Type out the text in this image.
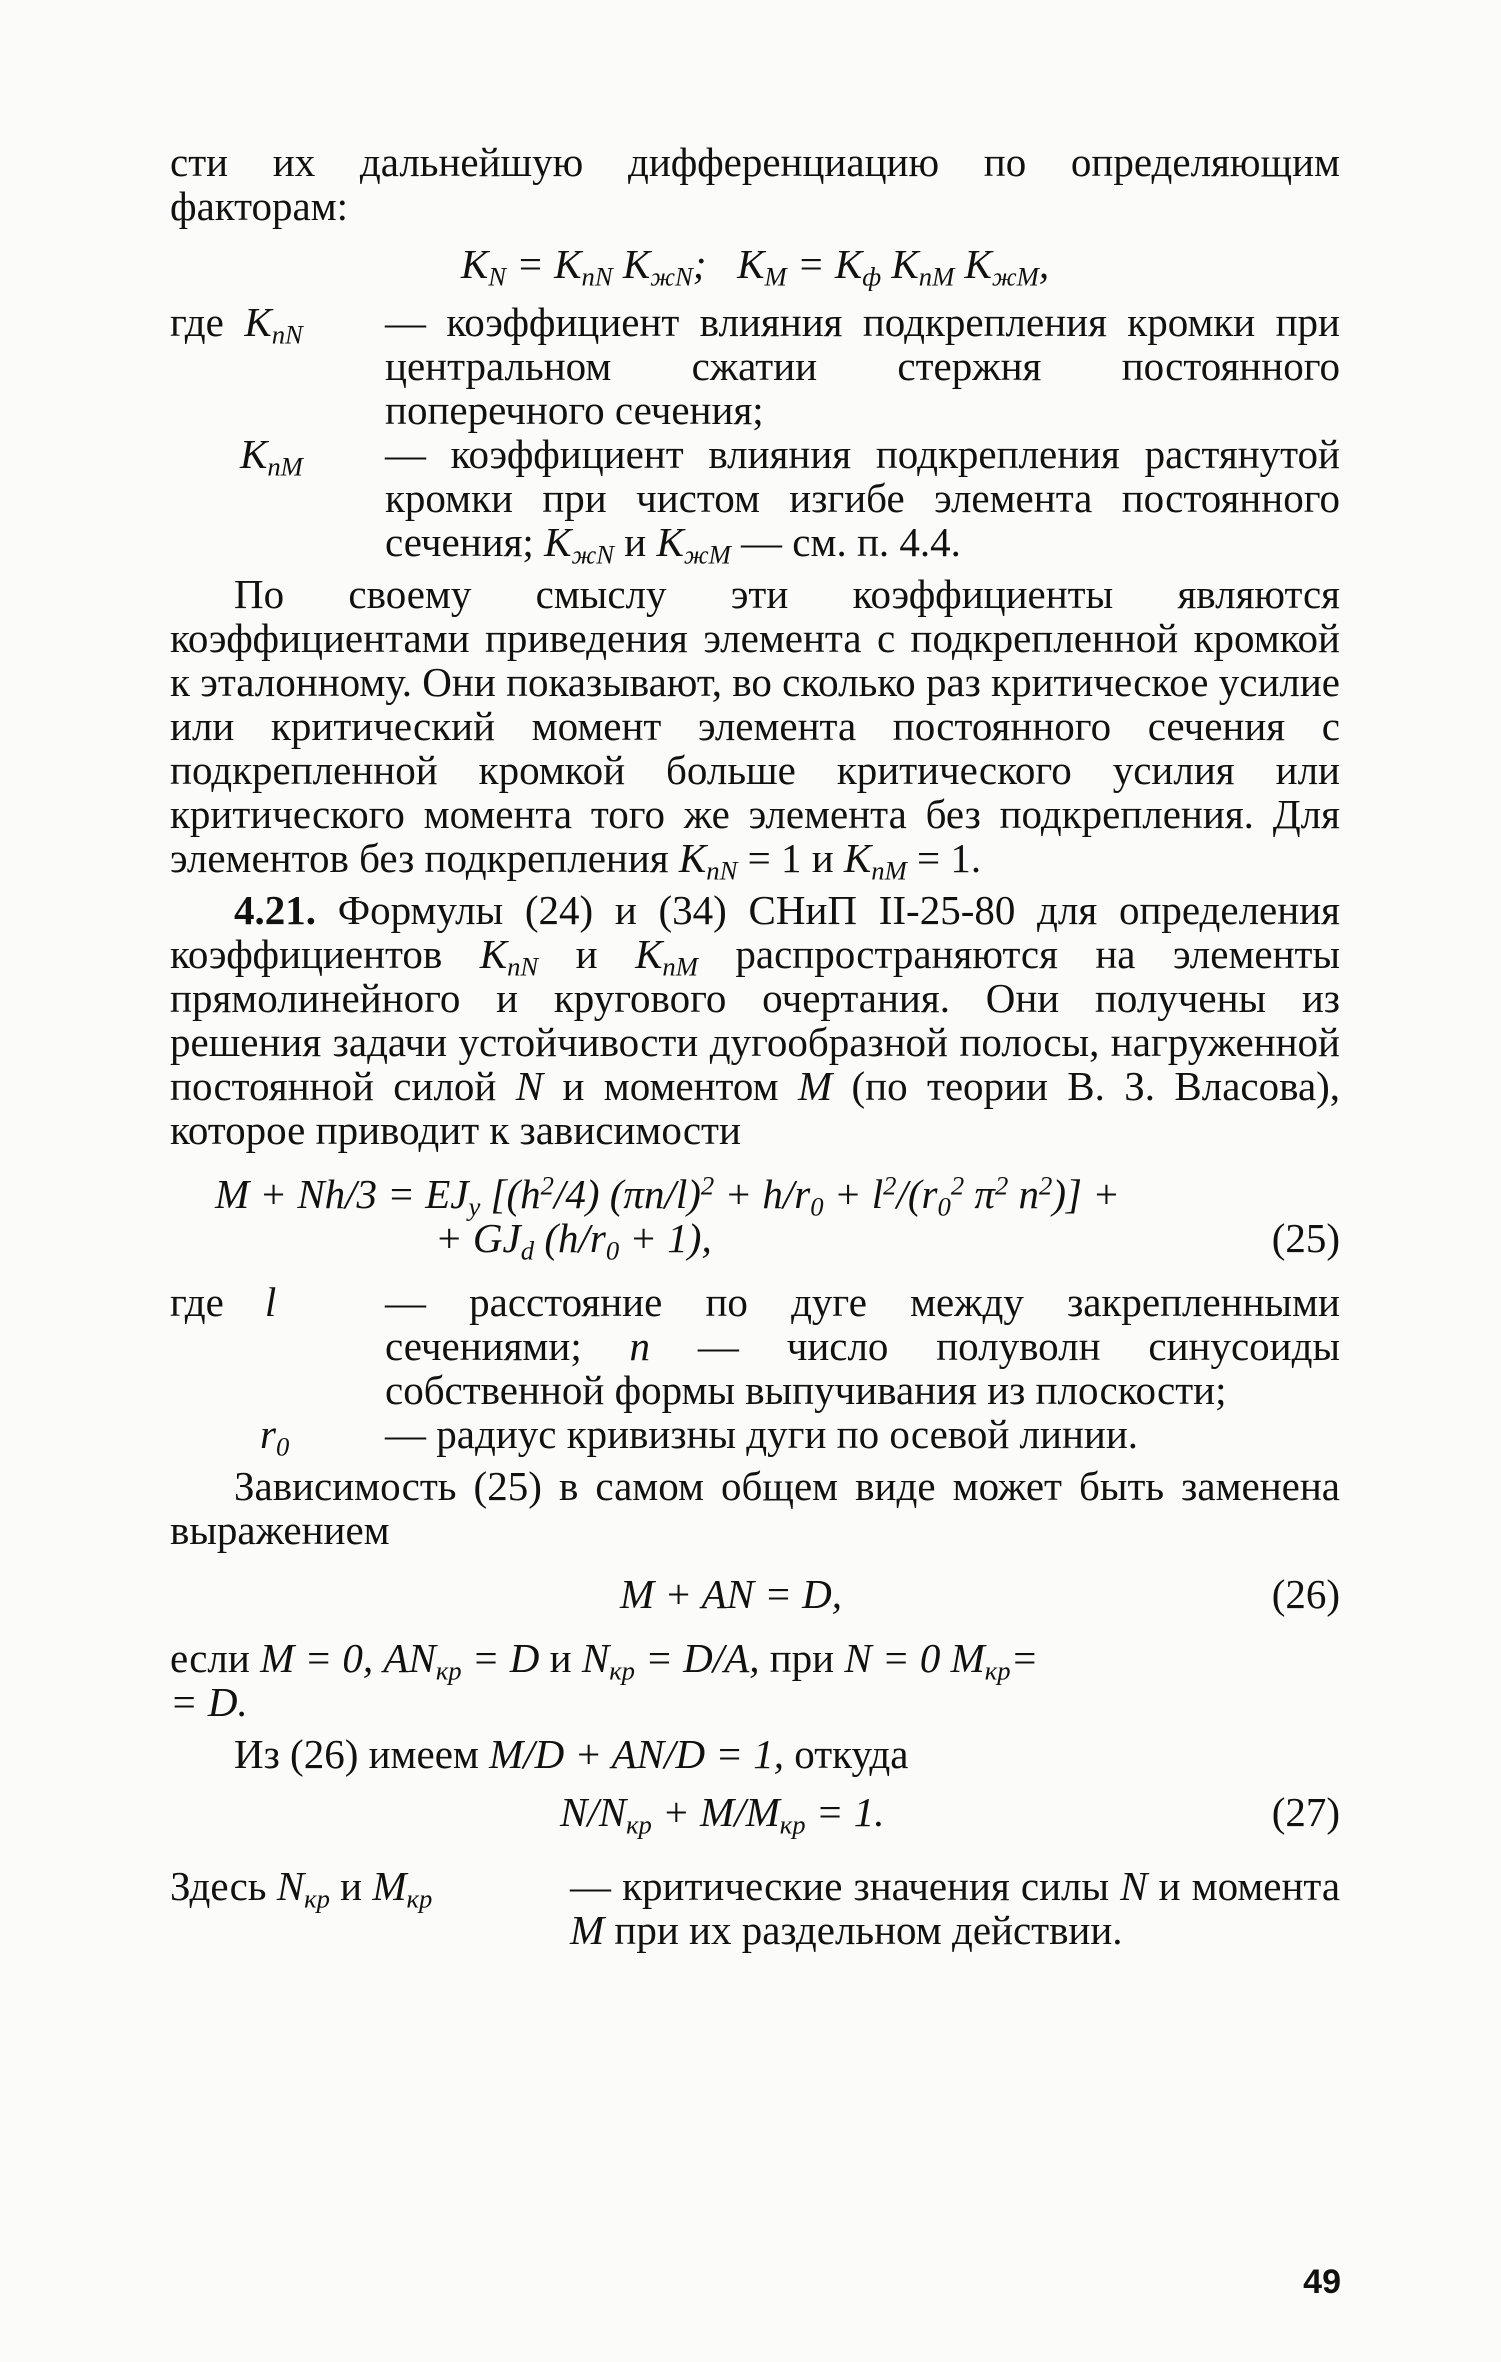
сти их дальнейшую дифференциацию по определяющим факторам:

$K_N = K_{пN}$ $K_{жN}$;   $K_M = K_ф$ $K_{пM}$ $K_{жM}$,
где  $K_{пN}$	— коэффициент влияния подкрепления кромки при центральном сжатии стержня постоянного поперечного сечения;
$K_{пM}$	— коэффициент влияния подкрепления растянутой кромки при чистом изгибе элемента постоянного сечения; $K_{жN}$ и $K_{жM}$ — см. п. 4.4.

По своему смыслу эти коэффициенты являются коэффициентами приведения элемента с подкрепленной кромкой к эталонному. Они показывают, во сколько раз критическое усилие или критический момент элемента постоянного сечения с подкрепленной кромкой больше критического усилия или критического момента того же элемента без подкрепления. Для элементов без подкрепления $K_{пN} = 1$ и $K_{пM} = 1$.

4.21. Формулы (24) и (34) СНиП II-25-80 для определения коэффициентов $K_{пN}$ и $K_{пM}$ распространяются на элементы прямолинейного и кругового очертания. Они получены из решения задачи устойчивости дугообразной полосы, нагруженной постоянной силой N и моментом M (по теории В. З. Власова), которое приводит к зависимости

$M + Nh/3 = EJ_y$ [$(h^2/4) (\pi n/l)^2 + h/r_0 + l^2/(r_0^2$ $\pi^2$ $n^2$)] +
+ $GJ_d$ $(h/r_0 + 1)$,	(25)
где    l	— расстояние по дуге между закрепленными сечениями; n — число полуволн синусоиды собственной формы выпучивания из плоскости;
$r_0$	— радиус кривизны дуги по осевой линии.

Зависимость (25) в самом общем виде может быть заменена выражением

M + AN = D,	(26)

если M = 0, $AN_{кр} = D$ и $N_{кр} = D/A$, при N = 0 $M_{кр}=$
= D.

Из (26) имеем M/D + AN/D = 1, откуда

$N/N_{кр} + M/M_{кр} = 1$.	(27)
Здесь $N_{кр}$ и $M_{кр}$	— критические значения силы N и момента M при их раздельном действии.
49
